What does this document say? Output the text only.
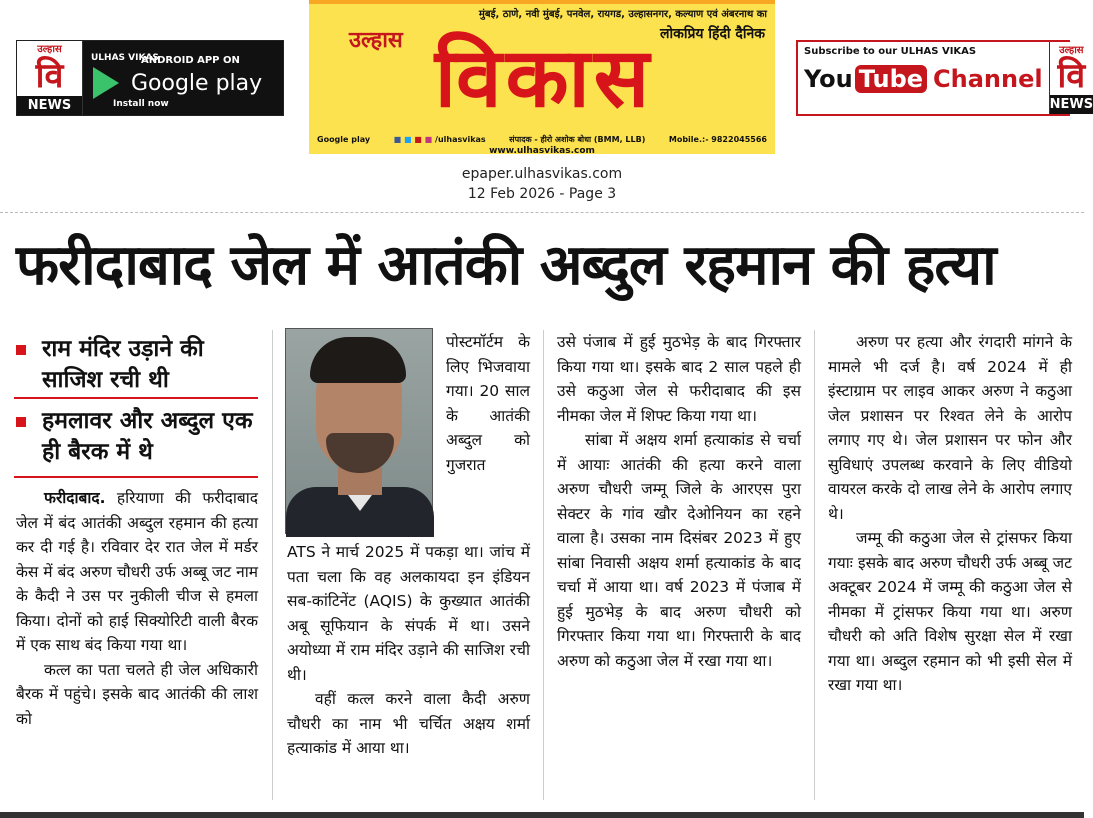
उल्हास
वि
NEWS
ULHAS VIKAS
ANDROID APP ON
Google play
Install now
मुंबई, ठाणे, नवी मुंबई, पनवेल, रायगड, उल्हासनगर, कल्याण एवं अंबरनाथ का
लोकप्रिय हिंदी दैनिक
उल्हास विकास
Google play	■ ■ ■ ■ /ulhasvikas	संपादक - हीरो अशोक बोधा (BMM, LLB)	Mobile.:- 9822045566
www.ulhasvikas.com
Subscribe to our ULHAS VIKAS
You Tube Channel
उल्हास
वि
NEWS
epaper.ulhasvikas.com
12 Feb 2026 - Page 3
फरीदाबाद जेल में आतंकी अब्दुल रहमान की हत्या
राम मंदिर उड़ाने की साजिश रची थी
हमलावर और अब्दुल एक ही बैरक में थे

फरीदाबाद. हरियाणा की फरीदाबाद जेल में बंद आतंकी अब्दुल रहमान की हत्या कर दी गई है। रविवार देर रात जेल में मर्डर केस में बंद अरुण चौधरी उर्फ अब्बू जट नाम के कैदी ने उस पर नुकीली चीज से हमला किया। दोनों को हाई सिक्योरिटी वाली बैरक में एक साथ बंद किया गया था।

कत्ल का पता चलते ही जेल अधिकारी बैरक में पहुंचे। इसके बाद आतंकी की लाश को

पोस्टमॉर्टम के लिए भिजवाया गया। 20 साल के आतंकी अब्दुल को गुजरात

ATS ने मार्च 2025 में पकड़ा था। जांच में पता चला कि वह अलकायदा इन इंडियन सब-कांटिनेंट (AQIS) के कुख्यात आतंकी अबू सूफियान के संपर्क में था। उसने अयोध्या में राम मंदिर उड़ाने की साजिश रची थी।

वहीं कत्ल करने वाला कैदी अरुण चौधरी का नाम भी चर्चित अक्षय शर्मा हत्याकांड में आया था।

उसे पंजाब में हुई मुठभेड़ के बाद गिरफ्तार किया गया था। इसके बाद 2 साल पहले ही उसे कठुआ जेल से फरीदाबाद की इस नीमका जेल में शिफ्ट किया गया था।

सांबा में अक्षय शर्मा हत्याकांड से चर्चा में आयाः आतंकी की हत्या करने वाला अरुण चौधरी जम्मू जिले के आरएस पुरा सेक्टर के गांव खौर देओनियन का रहने वाला है। उसका नाम दिसंबर 2023 में हुए सांबा निवासी अक्षय शर्मा हत्याकांड के बाद चर्चा में आया था। वर्ष 2023 में पंजाब में हुई मुठभेड़ के बाद अरुण चौधरी को गिरफ्तार किया गया था। गिरफ्तारी के बाद अरुण को कठुआ जेल में रखा गया था।

अरुण पर हत्या और रंगदारी मांगने के मामले भी दर्ज है। वर्ष 2024 में ही इंस्टाग्राम पर लाइव आकर अरुण ने कठुआ जेल प्रशासन पर रिश्वत लेने के आरोप लगाए गए थे। जेल प्रशासन पर फोन और सुविधाएं उपलब्ध करवाने के लिए वीडियो वायरल करके दो लाख लेने के आरोप लगाए थे।

जम्मू की कठुआ जेल से ट्रांसफर किया गयाः इसके बाद अरुण चौधरी उर्फ अब्बू जट अक्टूबर 2024 में जम्मू की कठुआ जेल से नीमका में ट्रांसफर किया गया था। अरुण चौधरी को अति विशेष सुरक्षा सेल में रखा गया था। अब्दुल रहमान को भी इसी सेल में रखा गया था।
